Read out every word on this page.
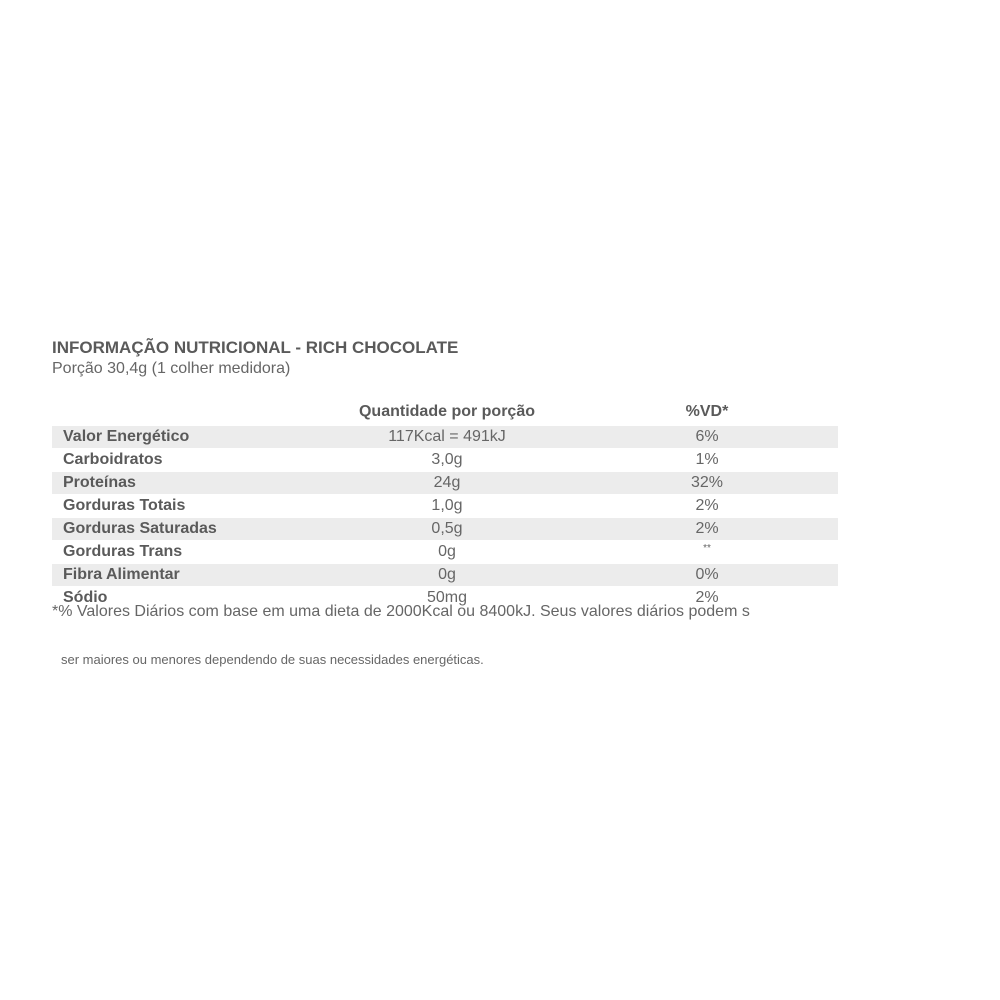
INFORMAÇÃO NUTRICIONAL - RICH CHOCOLATE
Porção 30,4g (1 colher medidora)
Quantidade por porção	%VD*
Valor Energético	117Kcal = 491kJ	6%
Carboidratos	3,0g	1%
Proteínas	24g	32%
Gorduras Totais	1,0g	2%
Gorduras Saturadas	0,5g	2%
Gorduras Trans	0g	**
Fibra Alimentar	0g	0%
Sódio	50mg	2%
*% Valores Diários com base em uma dieta de 2000Kcal ou 8400kJ. Seus valores diários podem s
ser maiores ou menores dependendo de suas necessidades energéticas.
